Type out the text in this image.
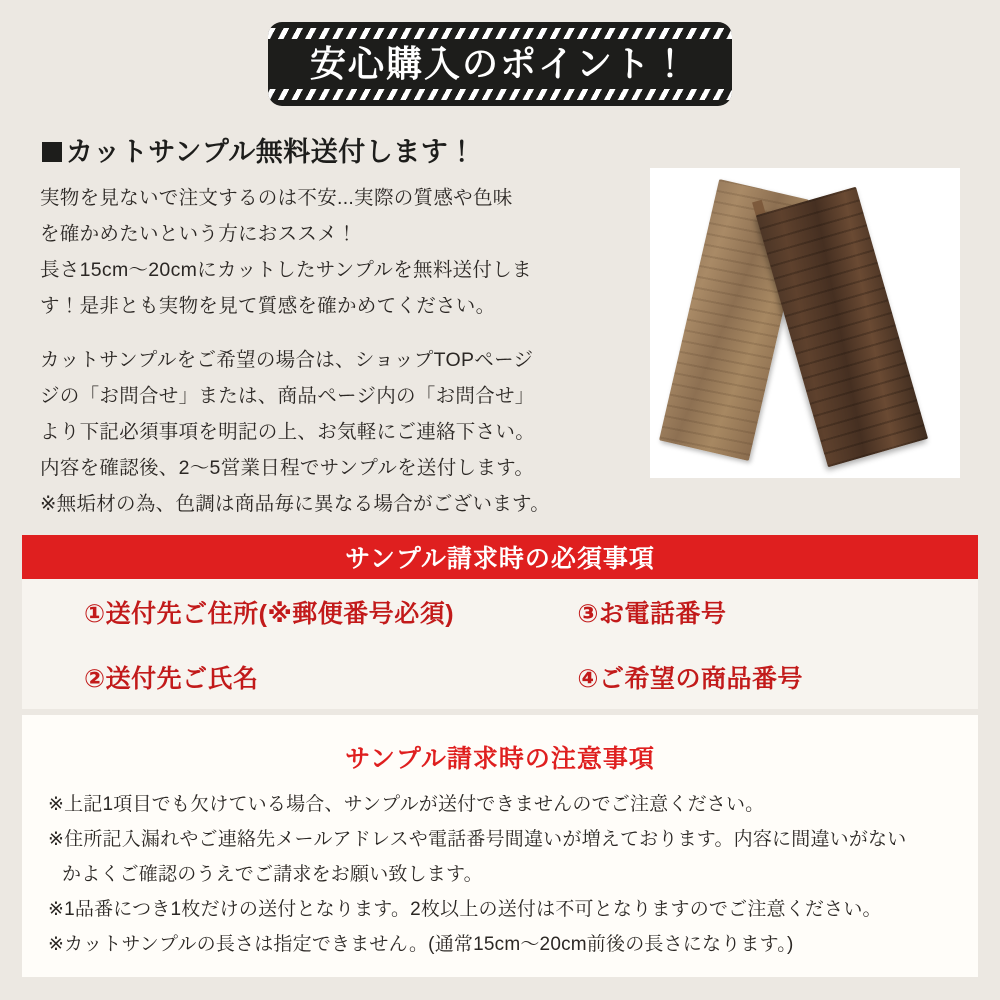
安心購入のポイント！
カットサンプル無料送付します！

実物を見ないで注文するのは不安...実際の質感や色味

を確かめたいという方におススメ！

長さ15cm〜20cmにカットしたサンプルを無料送付しま

す！是非とも実物を見て質感を確かめてください。

カットサンプルをご希望の場合は、ショップTOPページ

ジの「お問合せ」または、商品ページ内の「お問合せ」

より下記必須事項を明記の上、お気軽にご連絡下さい。

内容を確認後、2〜5営業日程でサンプルを送付します。

※無垢材の為、色調は商品毎に異なる場合がございます。

サンプル請求時の必須事項
①送付先ご住所(※郵便番号必須)	③お電話番号
②送付先ご氏名	④ご希望の商品番号
サンプル請求時の注意事項

※上記1項目でも欠けている場合、サンプルが送付できませんのでご注意ください。

※住所記入漏れやご連絡先メールアドレスや電話番号間違いが増えております。内容に間違いがない

かよくご確認のうえでご請求をお願い致します。

※1品番につき1枚だけの送付となります。2枚以上の送付は不可となりますのでご注意ください。

※カットサンプルの長さは指定できません。(通常15cm〜20cm前後の長さになります。)
